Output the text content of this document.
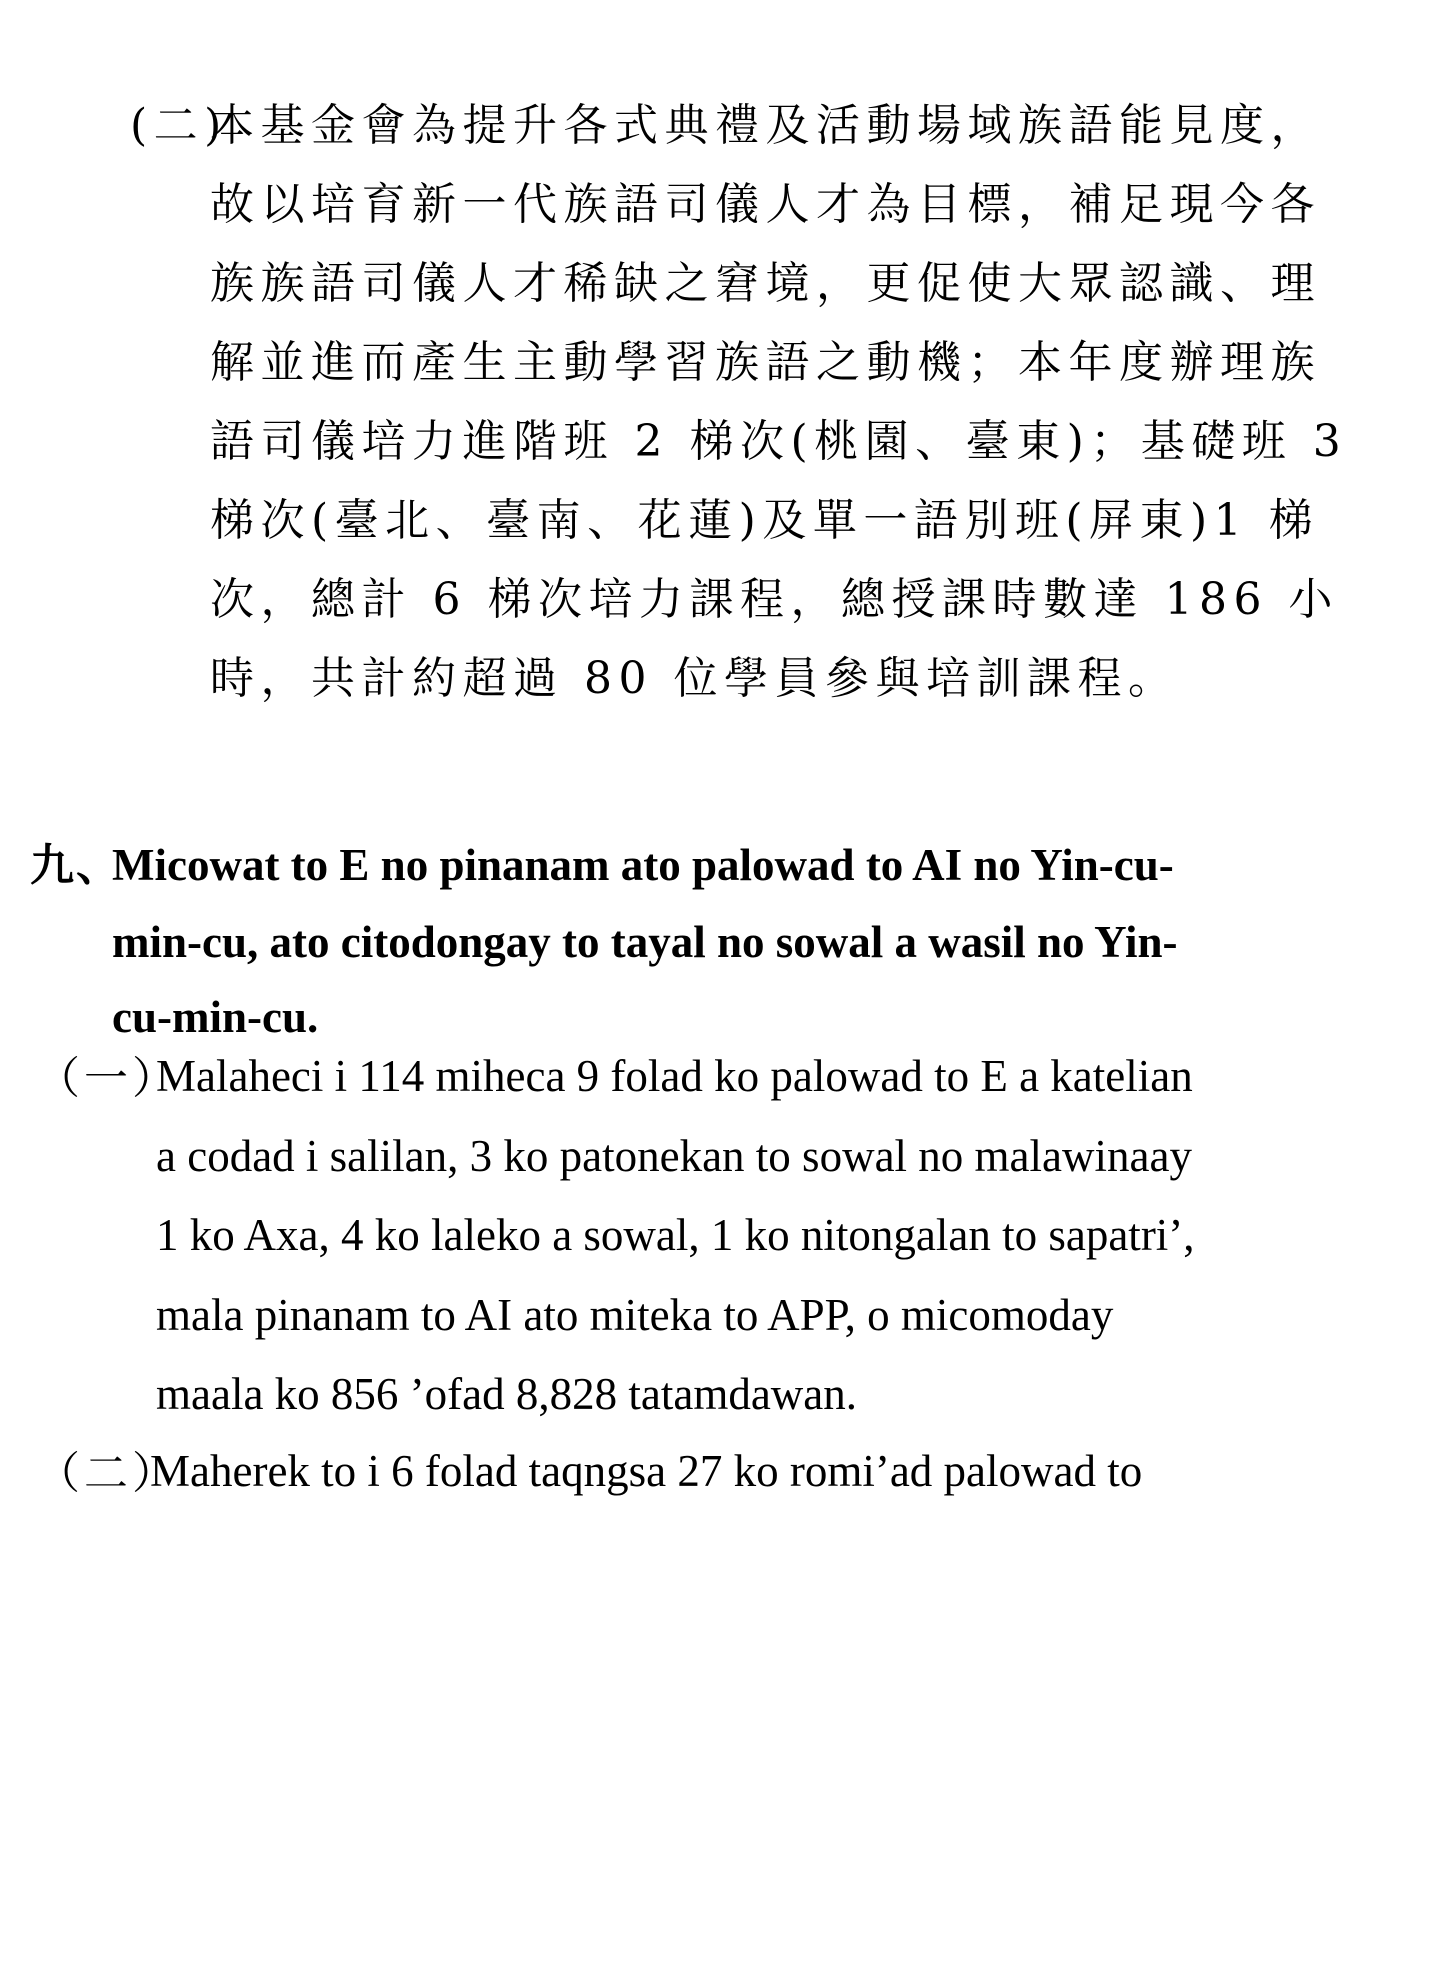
(二)
本基金會為提升各式典禮及活動場域族語能見度，
故以培育新一代族語司儀人才為目標，補足現今各
族族語司儀人才稀缺之窘境，更促使大眾認識、理
解並進而產生主動學習族語之動機；本年度辦理族
語司儀培力進階班 2 梯次(桃園、臺東)；基礎班 3
梯次(臺北、臺南、花蓮)及單一語別班(屏東)1 梯
次，總計 6 梯次培力課程，總授課時數達 186 小
時，共計約超過 80 位學員參與培訓課程。
九、
Micowat to E no pinanam ato palowad to AI no Yin-cu-
min-cu, ato citodongay to tayal no sowal a wasil no Yin-
cu-min-cu.
（一）
Malaheci i 114 miheca 9 folad ko palowad to E a katelian
a codad i salilan, 3 ko patonekan to sowal no malawinaay
1 ko Axa, 4 ko laleko a sowal, 1 ko nitongalan to sapatri’,
mala pinanam to AI ato miteka to APP, o micomoday
maala ko 856 ’ofad 8,828 tatamdawan.
（二）
Maherek to i 6 folad taqngsa 27 ko romi’ad palowad to
